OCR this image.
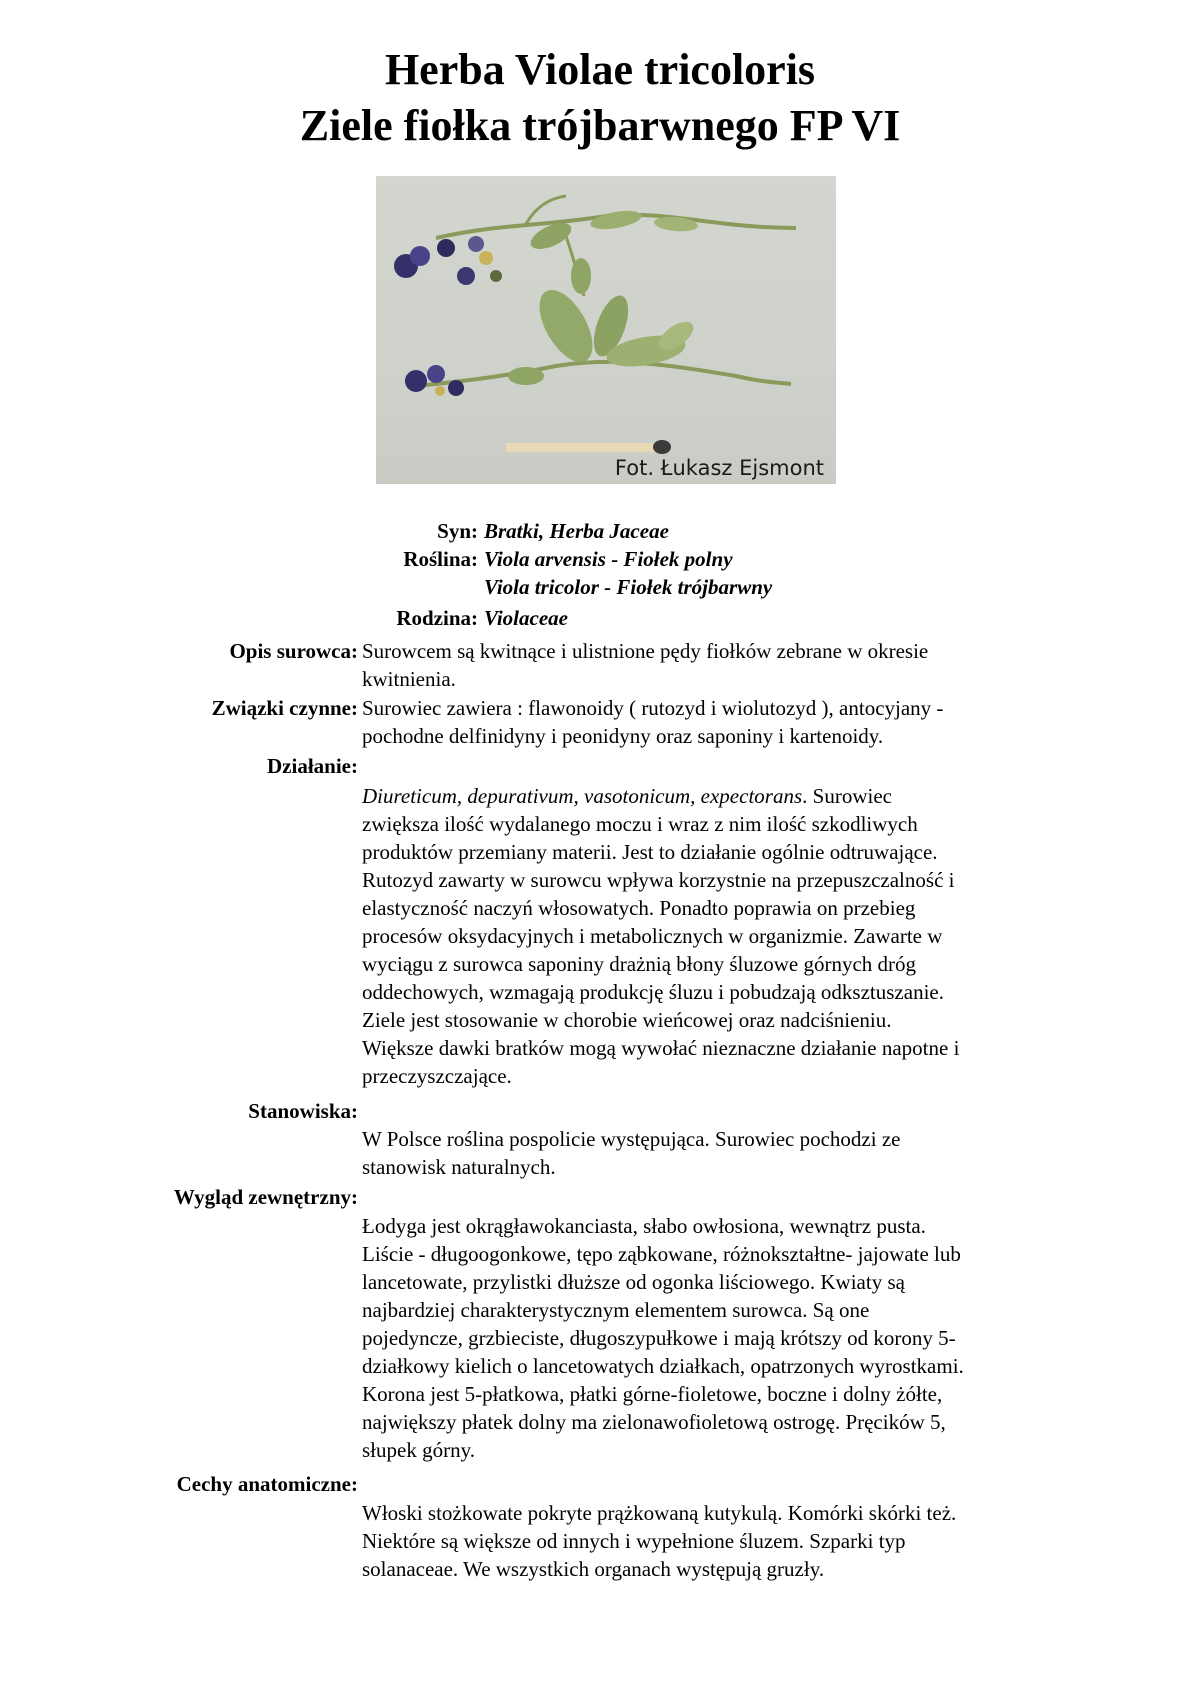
Herba Violae tricoloris
Ziele fiołka trójbarwnego FP VI
Fot. Łukasz Ejsmont
Syn: Bratki, Herba Jaceae
Roślina: Viola arvensis - Fiołek polny
Viola tricolor - Fiołek trójbarwny
Rodzina: Violaceae
Opis surowca: Surowcem są kwitnące i ulistnione pędy fiołków zebrane w okresie

kwitnienia.

Związki czynne: Surowiec zawiera : flawonoidy ( rutozyd i wiolutozyd ), antocyjany -

pochodne delfinidyny i peonidyny oraz saponiny i kartenoidy.

Działanie:

Diureticum, depurativum, vasotonicum, expectorans. Surowiec

zwiększa ilość wydalanego moczu i wraz z nim ilość szkodliwych

produktów przemiany materii. Jest to działanie ogólnie odtruwające.

Rutozyd zawarty w surowcu wpływa korzystnie na przepuszczalność i

elastyczność naczyń włosowatych. Ponadto poprawia on przebieg

procesów oksydacyjnych i metabolicznych w organizmie. Zawarte w

wyciągu z surowca saponiny drażnią błony śluzowe górnych dróg

oddechowych, wzmagają produkcję śluzu i pobudzają odksztuszanie.

Ziele jest stosowanie w chorobie wieńcowej oraz nadciśnieniu.

Większe dawki bratków mogą wywołać nieznaczne działanie napotne i

przeczyszczające.

Stanowiska:

W Polsce roślina pospolicie występująca. Surowiec pochodzi ze

stanowisk naturalnych.

Wygląd zewnętrzny:

Łodyga jest okrągławokanciasta, słabo owłosiona, wewnątrz pusta.

Liście - długoogonkowe, tępo ząbkowane, różnokształtne- jajowate lub

lancetowate, przylistki dłuższe od ogonka liściowego. Kwiaty są

najbardziej charakterystycznym elementem surowca. Są one

pojedyncze, grzbieciste, długoszypułkowe i mają krótszy od korony 5-

działkowy kielich o lancetowatych działkach, opatrzonych wyrostkami.

Korona jest 5-płatkowa, płatki górne-fioletowe, boczne i dolny żółte,

największy płatek dolny ma zielonawofioletową ostrogę. Pręcików 5,

słupek górny.

Cechy anatomiczne:

Włoski stożkowate pokryte prążkowaną kutykulą. Komórki skórki też.

Niektóre są większe od innych i wypełnione śluzem. Szparki typ

solanaceae. We wszystkich organach występują gruzły.
